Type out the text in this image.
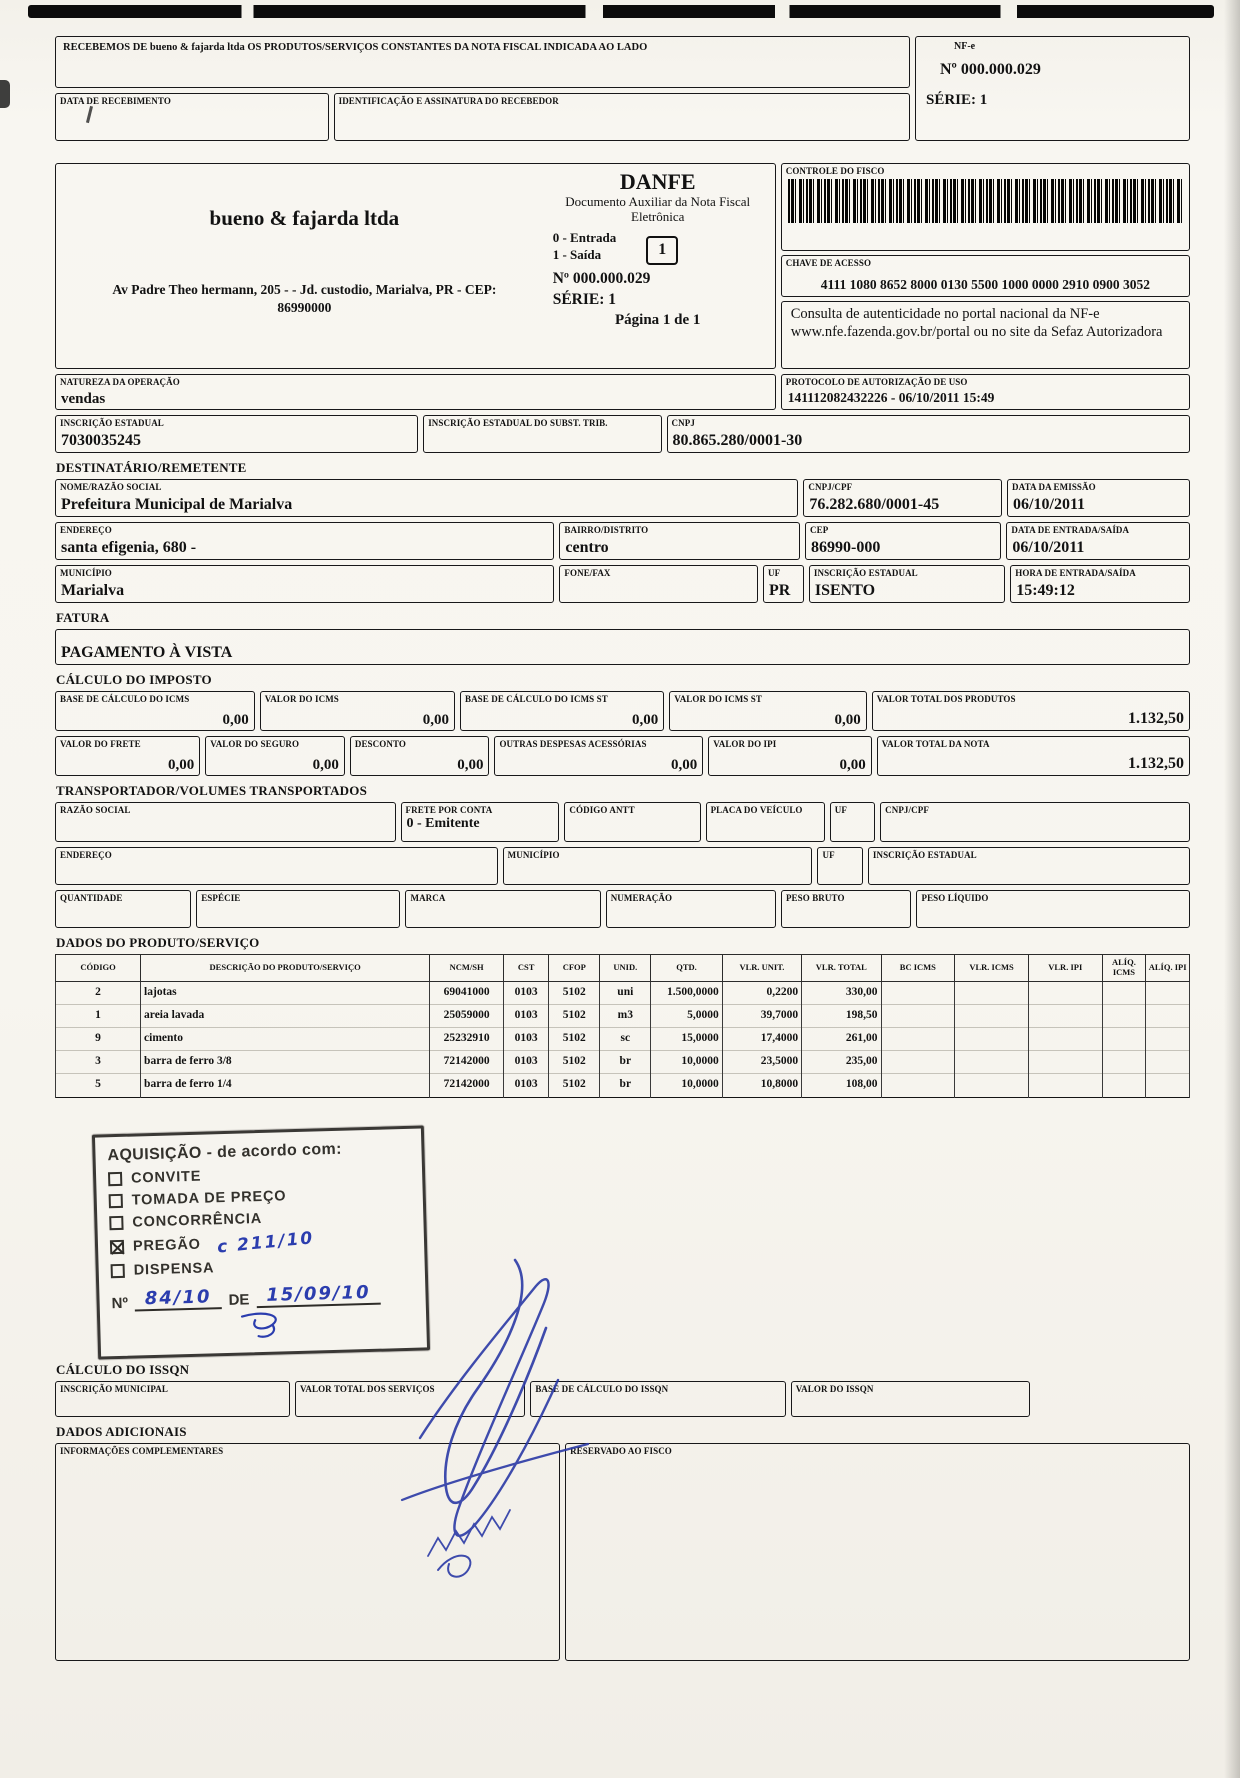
RECEBEMOS DE bueno & fajarda ltda OS PRODUTOS/SERVIÇOS CONSTANTES DA NOTA FISCAL INDICADA AO LADO
DATA DE RECEBIMENTO	IDENTIFICAÇÃO E ASSINATURA DO RECEBEDOR
NF-e
Nº 000.000.029
SÉRIE: 1
bueno & fajarda ltda
Av Padre Theo hermann, 205 - - Jd. custodio, Marialva, PR - CEP: 86990000
DANFE
Documento Auxiliar da Nota Fiscal Eletrônica
0 - Entrada
1 - Saída	1
Nº 000.000.029
SÉRIE: 1
Página 1 de 1
CONTROLE DO FISCO
CHAVE DE ACESSO
4111 1080 8652 8000 0130 5500 1000 0000 2910 0900 3052
Consulta de autenticidade no portal nacional da NF-e www.nfe.fazenda.gov.br/portal ou no site da Sefaz Autorizadora
NATUREZA DA OPERAÇÃO
vendas
PROTOCOLO DE AUTORIZAÇÃO DE USO
141112082432226 - 06/10/2011 15:49
INSCRIÇÃO ESTADUAL
7030035245
INSCRIÇÃO ESTADUAL DO SUBST. TRIB.	CNPJ
80.865.280/0001-30
DESTINATÁRIO/REMETENTE
NOME/RAZÃO SOCIAL
Prefeitura Municipal de Marialva
CNPJ/CPF
76.282.680/0001-45
DATA DA EMISSÃO
06/10/2011
ENDEREÇO
santa efigenia, 680 -
BAIRRO/DISTRITO
centro
CEP
86990-000
DATA DE ENTRADA/SAÍDA
06/10/2011
MUNICÍPIO
Marialva
FONE/FAX	UF
PR
INSCRIÇÃO ESTADUAL
ISENTO
HORA DE ENTRADA/SAÍDA
15:49:12
FATURA
PAGAMENTO À VISTA
CÁLCULO DO IMPOSTO
BASE DE CÁLCULO DO ICMS
0,00
VALOR DO ICMS
0,00
BASE DE CÁLCULO DO ICMS ST
0,00
VALOR DO ICMS ST
0,00
VALOR TOTAL DOS PRODUTOS
1.132,50
VALOR DO FRETE
0,00
VALOR DO SEGURO
0,00
DESCONTO
0,00
OUTRAS DESPESAS ACESSÓRIAS
0,00
VALOR DO IPI
0,00
VALOR TOTAL DA NOTA
1.132,50
TRANSPORTADOR/VOLUMES TRANSPORTADOS
RAZÃO SOCIAL	FRETE POR CONTA
0 - Emitente
CÓDIGO ANTT	PLACA DO VEÍCULO	UF	CNPJ/CPF
ENDEREÇO	MUNICÍPIO	UF	INSCRIÇÃO ESTADUAL
QUANTIDADE	ESPÉCIE	MARCA	NUMERAÇÃO	PESO BRUTO	PESO LÍQUIDO
DADOS DO PRODUTO/SERVIÇO
CÓDIGO	DESCRIÇÃO DO PRODUTO/SERVIÇO	NCM/SH	CST	CFOP	UNID.	QTD.	VLR. UNIT.	VLR. TOTAL	BC ICMS	VLR. ICMS	VLR. IPI	ALÍQ. ICMS	ALÍQ. IPI
2	lajotas	69041000	0103	5102	uni	1.500,0000	0,2200	330,00					
1	areia lavada	25059000	0103	5102	m3	5,0000	39,7000	198,50					
9	cimento	25232910	0103	5102	sc	15,0000	17,4000	261,00					
3	barra de ferro 3/8	72142000	0103	5102	br	10,0000	23,5000	235,00					
5	barra de ferro 1/4	72142000	0103	5102	br	10,0000	10,8000	108,00					
AQUISIÇÃO - de acordo com:
CONVITE
TOMADA DE PREÇO
CONCORRÊNCIA
PREGÃO c 211/10
DISPENSA
Nº 84/10	DE 15/09/10
CÁLCULO DO ISSQN
INSCRIÇÃO MUNICIPAL	VALOR TOTAL DOS SERVIÇOS	BASE DE CÁLCULO DO ISSQN	VALOR DO ISSQN
DADOS ADICIONAIS
INFORMAÇÕES COMPLEMENTARES	RESERVADO AO FISCO
